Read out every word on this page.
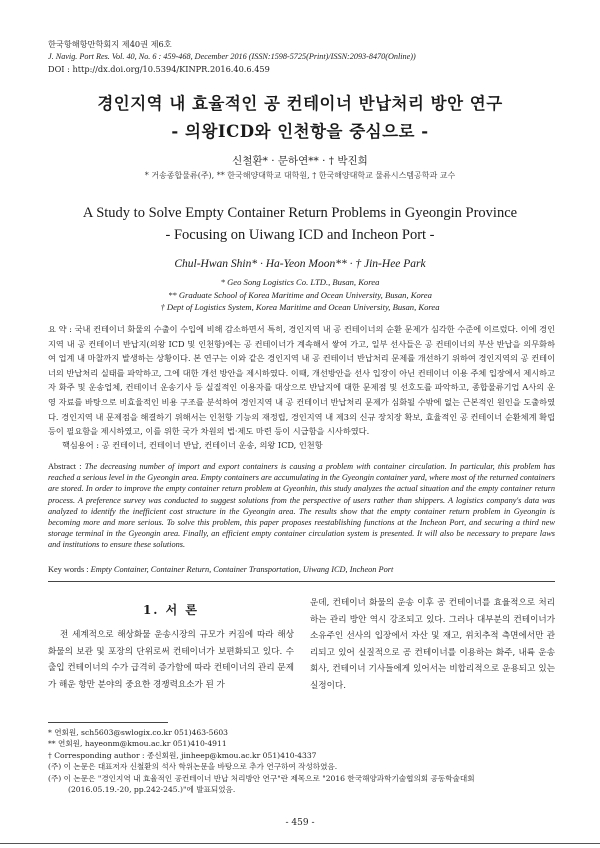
한국항해항만학회지 제40권 제6호
J. Navig. Port Res. Vol. 40, No. 6 : 459-468, December 2016 (ISSN:1598-5725(Print)/ISSN:2093-8470(Online))
DOI : http://dx.doi.org/10.5394/KINPR.2016.40.6.459
경인지역 내 효율적인 공 컨테이너 반납처리 방안 연구
- 의왕ICD와 인천항을 중심으로 -
신철환* · 문하연** · † 박진희
* 거송종합물류(주), ** 한국해양대학교 대학원, † 한국해양대학교 물류시스템공학과 교수
A Study to Solve Empty Container Return Problems in Gyeongin Province
- Focusing on Uiwang ICD and Incheon Port -
Chul-Hwan Shin* · Ha-Yeon Moon** · † Jin-Hee Park
* Geo Song Logistics Co. LTD., Busan, Korea
** Graduate School of Korea Maritime and Ocean University, Busan, Korea
† Dept of Logistics System, Korea Maritime and Ocean University, Busan, Korea
요 약 : 국내 컨테이너 화물의 수출이 수입에 비해 감소하면서 특히, 경인지역 내 공 컨테이너의 순환 문제가 심각한 수준에 이르렀다. 이에 경인지역 내 공 컨테이너 반납지(의왕 ICD 및 인천항)에는 공 컨테이너가 계속해서 쌓여 가고, 일부 선사들은 공 컨테이너의 부산 반납을 의무화하여 업계 내 마찰까지 발생하는 상황이다. 본 연구는 이와 같은 경인지역 내 공 컨테이너 반납처리 문제를 개선하기 위하여 경인지역의 공 컨테이너의 반납처리 실태를 파악하고, 그에 대한 개선 방안을 제시하였다. 이때, 개선방안을 선사 입장이 아닌 컨테이너 이용 주체 입장에서 제시하고자 화주 및 운송업체, 컨테이너 운송기사 등 실질적인 이용자를 대상으로 반납지에 대한 문제점 및 선호도를 파악하고, 종합물류기업 A사의 운영 자료를 바탕으로 비효율적인 비용 구조를 분석하여 경인지역 내 공 컨테이너 반납처리 문제가 심화될 수밖에 없는 근본적인 원인을 도출하였다. 경인지역 내 문제점을 해결하기 위해서는 인천항 기능의 재정립, 경인지역 내 제3의 신규 장치장 확보, 효율적인 공 컨테이너 순환체계 확립 등이 필요함을 제시하였고, 이를 위한 국가 차원의 법·제도 마련 등이 시급함을 시사하였다.
핵심용어 : 공 컨테이너, 컨테이너 반납, 컨테이너 운송, 의왕 ICD, 인천항
Abstract : The decreasing number of import and export containers is causing a problem with container circulation. In particular, this problem has reached a serious level in the Gyeongin area. Empty containers are accumulating in the Gyeongin container yard, where most of the returned containers are stored. In order to improve the empty container return problem at Gyeonhin, this study analyzes the actual situation and the empty container return process. A preference survey was conducted to suggest solutions from the perspective of users rather than shippers. A logistics company's data was analyzed to identify the inefficient cost structure in the Gyeongin area. The results show that the empty container return problem in Gyeongin is becoming more and more serious. To solve this problem, this paper proposes reestablishing functions at the Incheon Port, and securing a third new storage terminal in the Gyeongin area. Finally, an efficient empty container circulation system is presented. It will also be necessary to prepare laws and institutions to ensure these solutions.
Key words : Empty Container, Container Return, Container Transportation, Uiwang ICD, Incheon Port
1. 서 론
전 세계적으로 해상화물 운송시장의 규모가 커짐에 따라 해상화물의 보관 및 포장의 단위로써 컨테이너가 보편화되고 있다. 수출입 컨테이너의 수가 급격히 증가함에 따라 컨테이너의 관리 문제가 해운 항만 분야의 중요한 경쟁력요소가 된 가
운데, 컨테이너 화물의 운송 이후 공 컨테이너를 효율적으로 처리하는 관리 방안 역시 강조되고 있다. 그러나 대부분의 컨테이너가 소유주인 선사의 입장에서 자산 및 재고, 위치추적 측면에서만 관리되고 있어 실질적으로 공 컨테이너를 이용하는 화주, 내륙 운송회사, 컨테이너 기사들에게 있어서는 비합리적으로 운용되고 있는 실정이다.
* 연회원, sch5603@swlogix.co.kr 051)463-5603
** 연회원, hayeonm@kmou.ac.kr 051)410-4911
† Corresponding author : 종신회원, jinheep@kmou.ac.kr 051)410-4337
(주) 이 논문은 대표저자 신철환의 석사 학위논문을 바탕으로 추가 연구하여 작성하였음.
(주) 이 논문은 "경인지역 내 효율적인 공컨테이너 반납 처리방안 연구"란 제목으로 "2016 한국해양과학기술협의회 공동학술대회
(2016.05.19.-20, pp.242-245.)"에 발표되었음.
- 459 -
